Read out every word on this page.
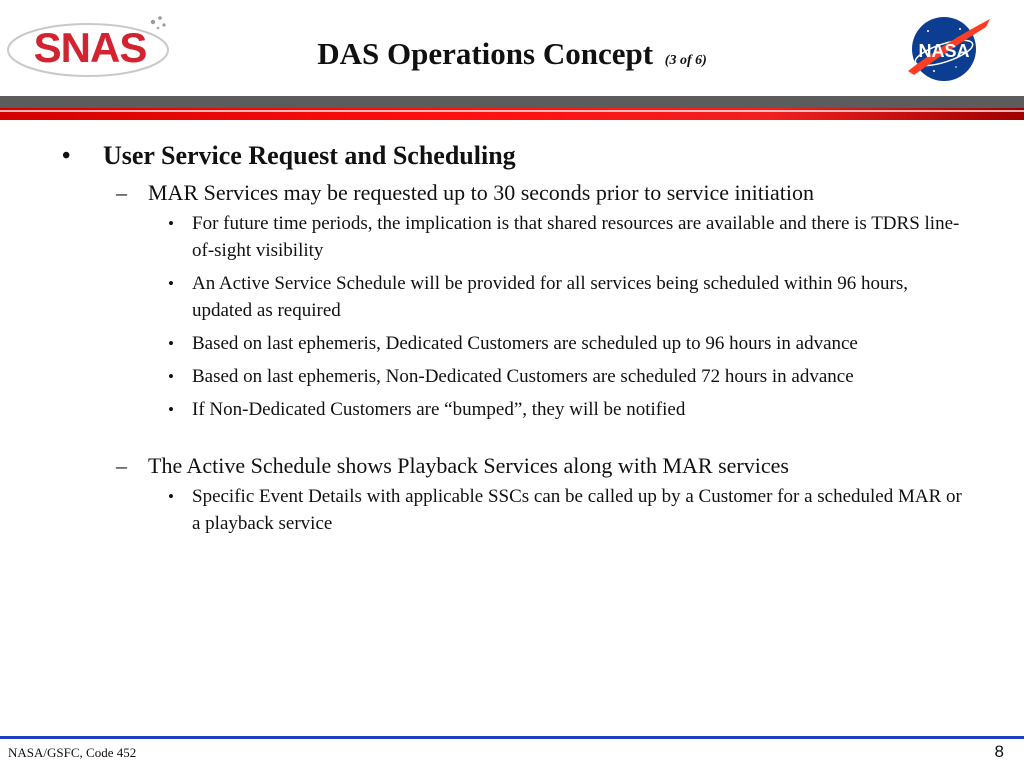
SNAS	DAS Operations Concept (3 of 6)	NASA
• User Service Request and Scheduling
– MAR Services may be requested up to 30 seconds prior to service initiation
• For future time periods, the implication is that shared resources are available and there is TDRS line-of-sight visibility
• An Active Service Schedule will be provided for all services being scheduled within 96 hours, updated as required
• Based on last ephemeris, Dedicated Customers are scheduled up to 96 hours in advance
• Based on last ephemeris, Non-Dedicated Customers are scheduled 72 hours in advance
• If Non-Dedicated Customers are “bumped”, they will be notified
– The Active Schedule shows Playback Services along with MAR services
• Specific Event Details with applicable SSCs can be called up by a Customer for a scheduled MAR or a playback service
NASA/GSFC, Code 452	8
